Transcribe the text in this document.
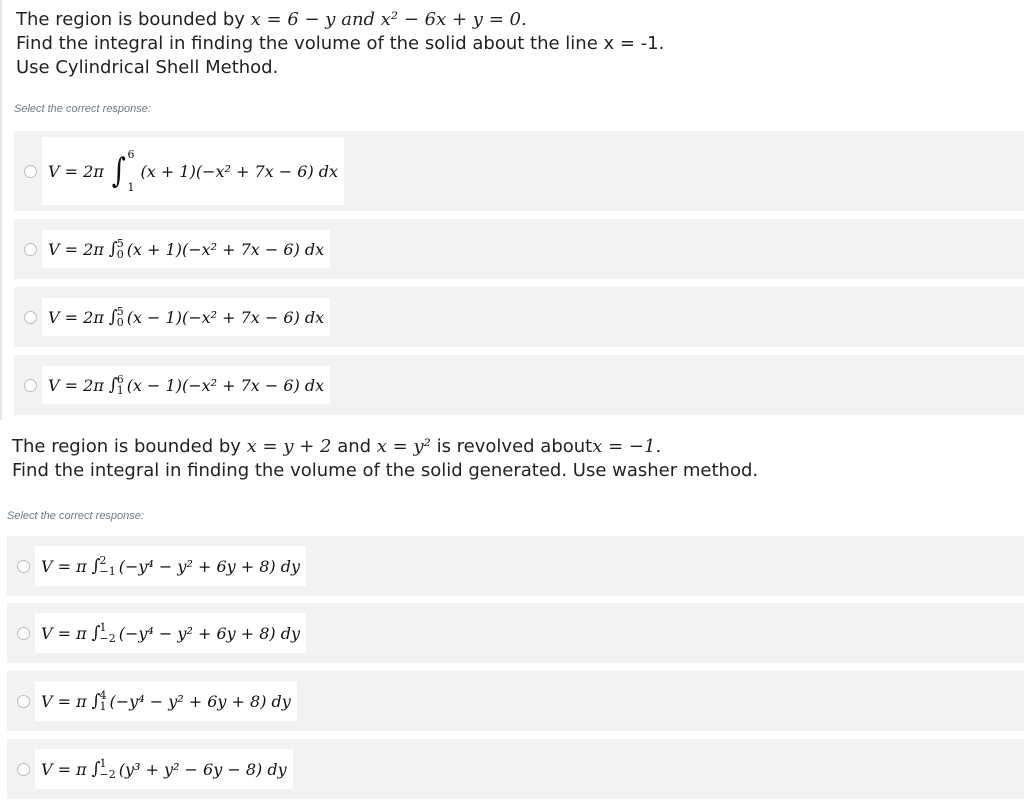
The region is bounded by x = 6 − y and x² − 6x + y = 0.
Find the integral in finding the volume of the solid about the line x = -1.
Use Cylindrical Shell Method.
Select the correct response:
V = 2π ∫ 6
1
(x + 1)(−x² + 7x − 6) dx
V = 2π ∫ 5
0 (x + 1)(−x² + 7x − 6) dx
V = 2π ∫ 5
0 (x − 1)(−x² + 7x − 6) dx
V = 2π ∫ 6
1 (x − 1)(−x² + 7x − 6) dx
The region is bounded by x = y + 2 and x = y² is revolved aboutx = −1.
Find the integral in finding the volume of the solid generated. Use washer method.
Select the correct response:
V = π ∫ 2
−1 (−y⁴ − y² + 6y + 8) dy
V = π ∫ 1
−2 (−y⁴ − y² + 6y + 8) dy
V = π ∫ 4
1 (−y⁴ − y² + 6y + 8) dy
V = π ∫ 1
−2 (y³ + y² − 6y − 8) dy
